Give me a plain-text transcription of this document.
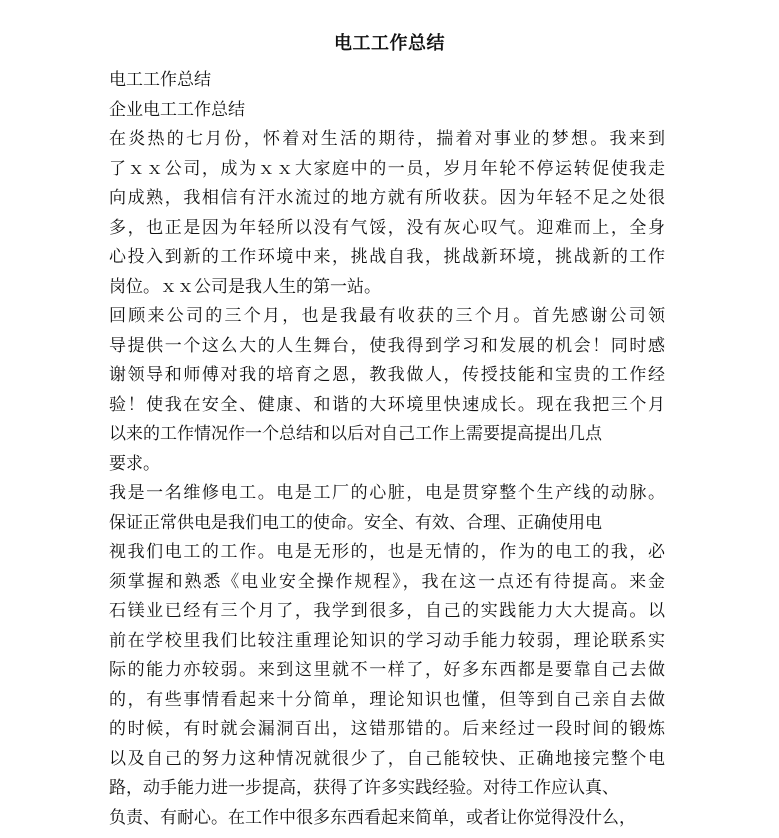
电工工作总结
电工工作总结
企业电工工作总结
在炎热的七月份，怀着对生活的期待，揣着对事业的梦想。我来到
了ｘｘ公司，成为ｘｘ大家庭中的一员，岁月年轮不停运转促使我走
向成熟，我相信有汗水流过的地方就有所收获。因为年轻不足之处很
多，也正是因为年轻所以没有气馁，没有灰心叹气。迎难而上，全身
心投入到新的工作环境中来，挑战自我，挑战新环境，挑战新的工作
岗位。ｘｘ公司是我人生的第一站。
回顾来公司的三个月，也是我最有收获的三个月。首先感谢公司领
导提供一个这么大的人生舞台，使我得到学习和发展的机会！同时感
谢领导和师傅对我的培育之恩，教我做人，传授技能和宝贵的工作经
验！使我在安全、健康、和谐的大环境里快速成长。现在我把三个月
以来的工作情况作一个总结和以后对自己工作上需要提高提出几点
要求。
我是一名维修电工。电是工厂的心脏，电是贯穿整个生产线的动脉。
保证正常供电是我们电工的使命。安全、有效、合理、正确使用电
视我们电工的工作。电是无形的，也是无情的，作为的电工的我，必
须掌握和熟悉《电业安全操作规程》，我在这一点还有待提高。来金
石镁业已经有三个月了，我学到很多，自己的实践能力大大提高。以
前在学校里我们比较注重理论知识的学习动手能力较弱，理论联系实
际的能力亦较弱。来到这里就不一样了，好多东西都是要靠自己去做
的，有些事情看起来十分简单，理论知识也懂，但等到自己亲自去做
的时候，有时就会漏洞百出，这错那错的。后来经过一段时间的锻炼
以及自己的努力这种情况就很少了，自己能较快、正确地接完整个电
路，动手能力进一步提高，获得了许多实践经验。对待工作应认真、
负责、有耐心。在工作中很多东西看起来简单，或者让你觉得没什么，
